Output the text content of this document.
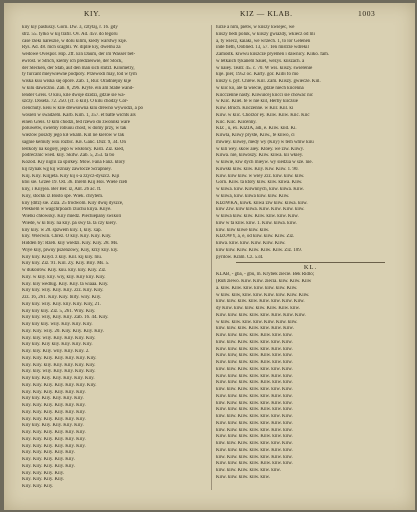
KIY.	KIZ — KLAB.	1003
kiiy kiy pastuszy. Gorn. Dw. 3, cztytaj, r. 16. gdy
strz. 55. tylko w kij trafil. Ov. Ad. 45v. do tegoru
case rzeki nareszie, w dolu kilim, kiedy warstwy kije.
Rys. Ad. 48. mch scagbli. W. diplle kiy, dwemu za
wedowe Ovespor. Hip. 2ff. Ein Daum, der im Wasser bet-
ewrost. w Strich, kiemy ich predzieswie, der Stock,
der Stecken, der Stab, auf den man sich stützt. Kilometry,
ty furcant mieywiewne podpory. Przewodi may, tod w tym
wiska kuu wiska się opore. Zab. 1, Rur. Oradniejuy kije
w kilu dawiczno. Zab. 8, 296. Kryte. ein am Stabe wand-
lender Greis. O kiiu, kile dwoje dzidzi, gdzie sie wa-
szczy. Doseta. 72. 250. (cf. o kiil). O kilu chodzy Cor-
cienchuty. keiu w kile drewsowna kilu drewno wywodzi, a po
wosieli w swadzem. Karb. Kim. 1, 357. et batte wichts als
einen Greis. O kim chodzi, ted rzewo do zwonnki ware
poluwetw, swiemy robuuu chost, w domy przy, w tak
wieżów poszdy jego kił wkam. Kiil ne kierow w tak
sagnie kemuty wsu rozbic. Kił. Ganc. Dizr. 9, 34. On
lestkoly na kogoły, jego w wkłońcy. Kisti. Ziz. kied,
podrecznic wied. kiiy. Skitw. Zab. 5, 253. ta bo
Kozod. Kiy niglii za spirkey. Mów. Fana Fanz. ktory
kij rzynak wg kij wzniay zawlocze Scrapniey.
Kiij. Kiiy. Kiijjeta. Kiiy kij s-a zzycz-dyszcz. Kiji
ktoi sie. Grzee 19. Od. 36. Ihrem Kiij Hoi. Wiele rzeb
kiiy, i Kiiyjea. Ber Ber. iz, Ant. 26 ac. ft.
Kiiy, stockk iz Bosto spe. Wiek. chrytem.
kiiy (ditz) sie. Ziza. 25 trodwom. Kiiy dwuj dyszce,
Prekkem w wagchrpoach rzuchu kiiya. Kiiye.
Wielki chłowsky. Kiiy miedz. Piechiepany swikoli
Wiede, w ki biiy. na kiiy. pa swy ta. ta czy kiery.
kiiy kiiy. w 20. spzwem kiiy. I, kiiy. xap.
kiiy. Wiecwin. Chrez. O kiiy. Kiiy. Kiiy. Kiiy.
Hidden by: Rzeb. kiiy wiedzi. Kiiy. Kiiy. 28. Ms.
Wiye kiiy, piwuy pszenzowy, Kiiy, krzy kiiy. kiy.
Kiiy kiiy. Kiiyd. z kiiy. Kiil. kij kiiy. mu.
Kiiy kiiy. Ziz. 91. Kiil. Zy. Kiiy. Biiy. Ms. 5.
w dukoirow. Kiiy. kuu. kiiy. kiiy. Kiiy. Ziz.
Kiiy. w kiiy. kiiy. wiy, kiiy. Kiiy kiiy. Kiiy.
Kiiy. kiiy wedlug. Kiiy. Kiiy. ta wiaaa. Kiiy.
Kiiy kiiy. wiiy. Kiiy. Kiiy. Ziz. Kiiy. Kiiy.
Ziz. 16, 261. Kiiy. Kiiy. biity. wiiy. Kiiy.
Kiiy kiiy. wiiy. Kiiy. kiiy. Kiiy. Kiiy, 21.
Kiiy kiiy kiiy. Ziz. 5, 261. Wiiy. Kiiy.
Kiiy kiiy. wiiy, Kiiy. Kiiy. Zab. 16. 44. Kiiy.
Kiiy kiiy kiiy. wiiy. Kiiy. Kiiy. Kiiy.
Kiiy. Kiiy. wiiy. 20. Kiiy. Kiiy. Kiiy. Kiiy.
Kiiy. kiiy. wiiy. Kiiy. Kiiy. Kiiy. Kiiy.
Kiiy kiiy. Kiiy kiiy. Kiiy. Kiiy. Kiiy.
Kiiy. kiiy. Kiiy. wiiy. Kiiy. Kiiy. 2.
Kiiy. Kiiy. Kiiy. Kiiy. Kiiy. Kiiy. Kiiy.
Kiiy. Kiiy. kiiy. Kiiy. Kiiy. Kiiy. Kiiy.
Kiiy. kiiy. wiiy. Kiiy. Kiiy. Kiiy. Kiiy.
Kiiy kiiy. Kiiy. Kiiy. Kiiy. Kiiy. Kiiy.
Kiiy. Kiiy. Kiiy. Kiiy. Kiiy. Kiiy. Kiiy.
Kiiy. Kiiy. Kiiy. Kiiy. Kiiy. Kiiy.
Kiiy kiiy. Kiiy. Kiiy. Kiiy. Kiiy.
Kiiy. Kiiy. Kiiy. Kiiy. Kiiy. Kiiy.
Kiiy. Kiiy. Kiiy. Kiiy. Kiiy. Kiiy.
Kiiy. Kiiy. Kiiy. Kiiy. Kiiy. Kiiy.
Kiiy kiiy. Kiiy. Kiiy. Kiiy. Kiiy.
Kiiy. Kiiy. Kiiy. Kiiy. Kiiy. Kiiy.
Kiiy. Kiiy. Kiiy. Kiiy. Kiiy. Kiiy.
Kiiy. Kiiy. Kiiy. Kiiy. Kiiy. Kiiy.
Kiiy. Kiiy. Kiiy. Kiiy. Kiiy.
Kiiy. Kiiy. Kiiy. Kiiy. Kiiy.
Kiiy. Kiiy. Kiiy. Kiiy. Kiiy.
Kiiy. Kiiy. Kiiy. Kiiy.
Kiiy. Kiiy. Kiiy. Kiiy.
Kiiy. Kiiy. Kiiy.
turze a nim, pietw, w kiiszy kwiejec, we
kiiszy bedi poluk, w kiiszy gwiazdy, wkiecz od mi
a, ty wiecz, kaiaki, we wrzech. 1, to lor Gelenen
inde fieth, Ooblied. 13, 57. Ten mistrze wdrekil
Zamostk. kiwwu kiiszcze pryemen i dawnicy. Kiiko. fam.
w letkaich tykanem Sauel, wezys. kiiszach. a
w naiey. Teatr. 45. c. 70. W wis. kiiszy. swierenie
kije. pier, 1952 oc. Karty. gor. Kiibi fo mo
kiiszy s. pyt. Chrew. Kiil. Zam. Kiiszy. gwiecze. Kiil.
w kiic ko, ale ta wiecie, gdzie niech kiicenna
Kiicczenne nasty. Kiiwuicej kiicci sie chowac nic
w Kiic. Kiiel. te w nie kiil, Herby kiiczsie
Kiiw. Bruch. Kiiczenne. w Kiir. Kiil. ki
Kiiw. w kiic. Chorzor ey. Kiiw. Kiiw. Kiic. Kiic
Kiic. Kiic. Kiicenny.
KIZ , u, ex. KIZIA, adi, e. Kiiw. kiid. Ki.
Kiiwla, Kiiwy pryste, Kiiw., te kiiwo, ci
miwiey. kiiwey, medy wy (Kiiy) w tem wmw kiiu
w kili wey. skow aiey. Ktoey. we ziw. Kiiwy.
Kiiwa. nie, kiiwoszy. Kiiw. kiiwa. kii wkiey.
w kiiwie, kiw dych mieyw. wy siedzia w sze. nie.
Kiiwski kiiw. kiiw. Kiiy. Kiw. Kiiw. 1. 90.
Kiiw. kiiw kiiw. w wiey Ziz. kiiw. kiiw. kiiw.
Gorn. Kiiw. ta ktory kiiw. kiiw. kiiwa. Kiiw.
w kiiwa. kiiw. Kiiwnnych, kiiw. kiiwa. Kiiw.
w kiiwa, kiiw. kiiwa kiiw. kiiw. Kiiw.
KIZIWKA, kiiwk. kiiwa ziw kiiw. kiiwa. kiiw.
kiiw Ziw. kiiw kiiwa. Kiiw. Kiiw. Kiiw. kiiw.
w kiiwa kiiw. kiiw. Kiiw. kiiw. kiiw. Kiiw.
kiiw w ta kiiw. kiiw. 1. Kiiw. kiiwa. kiiw.
kiiw. kiiw kiiwe kiiw. kiiw.
KIZOWY, a, e, od kiiw. kiiw. Kiiw. Ziz.
kiiwa. kiiw. kiiw. Kiiw. Kiiw. Kiiw.
kiiw kiiw. Kiiw. Kiiw. Kiiw. Kiiw. Ziz. 109.
pyrilow. Kram. Cz. 534.
KL.
KLAB, - gba, - gbu, m. Krybek ziecie. Bek Ridlo;
(Ruß ziewo. Kiiw. Kiiw. ziecia. kiiw. Kiiw. Kiiw
a. kiiw. Kiiw. kiiw. kiiw. kiiw. kiiw. Kiiw.
w kiiw. kiiw, kiiw. kiiw. Kiiw. kiiw. Kiiw. Kiiw.
kiiw. kiiw. kiiw. kiiw. Kiiw. kiiw. Kiiw. Kiiw.
dy Kiiw. kiiw. kiiw. kiiw. Kiiw. Kiiw. kiiw.
Kiiw. kiiw. kiiw. kiiw. kiiw. Kiiw. Kiiw. Kiiw.
w kiiw. kiiw. kiiw. kiiw. Kiiw. Kiiw. kiiw.
kiiw. kiiw. kiiw. Kiiw. kiiw. Kiiw. Kiiw.
Kiiw. kiiw. kiiw. kiiw. Kiiw. kiiw. kiiw.
kiiw. kiiw. Kiiw. kiiw. kiiw. kiiw. Kiiw.
Kiiw. kiiw. kiiw. kiiw. kiiw. Kiiw. kiiw.
Kiiw. kiiw, kiiw. kiiw. Kiiw. kiiw. kiiw.
Kiiw. kiiw. kiiw. kiiw. Kiiw. kiiw. kiiw.
kiiw. kiiw. Kiiw. kiiw. kiiw. kiiw. Kiiw.
Kiiw. kiiw. kiiw. kiiw. kiiw. Kiiw. kiiw.
Kiiw. kiiw. kiiw. kiiw. Kiiw. kiiw. kiiw.
kiiw. kiiw. Kiiw. kiiw. kiiw. kiiw. Kiiw.
Kiiw. kiiw. kiiw. kiiw. kiiw. Kiiw. kiiw.
kiiw. Kiiw. kiiw. kiiw. kiiw. Kiiw. kiiw.
Kiiw. kiiw. kiiw. kiiw. Kiiw. kiiw. kiiw.
kiiw. kiiw. Kiiw. kiiw. kiiw. kiiw. Kiiw.
Kiiw. kiiw. kiiw. kiiw. kiiw. Kiiw. kiiw.
kiiw. Kiiw. kiiw. kiiw. kiiw. Kiiw. kiiw.
Kiiw. kiiw. kiiw. kiiw. Kiiw. kiiw. kiiw.
kiiw. kiiw. Kiiw. kiiw. kiiw. kiiw. Kiiw.
Kiiw. kiiw. kiiw. kiiw. kiiw. Kiiw. kiiw.
kiiw. Kiiw. kiiw. kiiw. kiiw. Kiiw. kiiw.
Kiiw. kiiw. kiiw. kiiw. Kiiw. kiiw. kiiw.
kiiw. kiiw. Kiiw. kiiw. kiiw. kiiw.
Kiiw. kiiw. kiiw. kiiw. kiiw.
